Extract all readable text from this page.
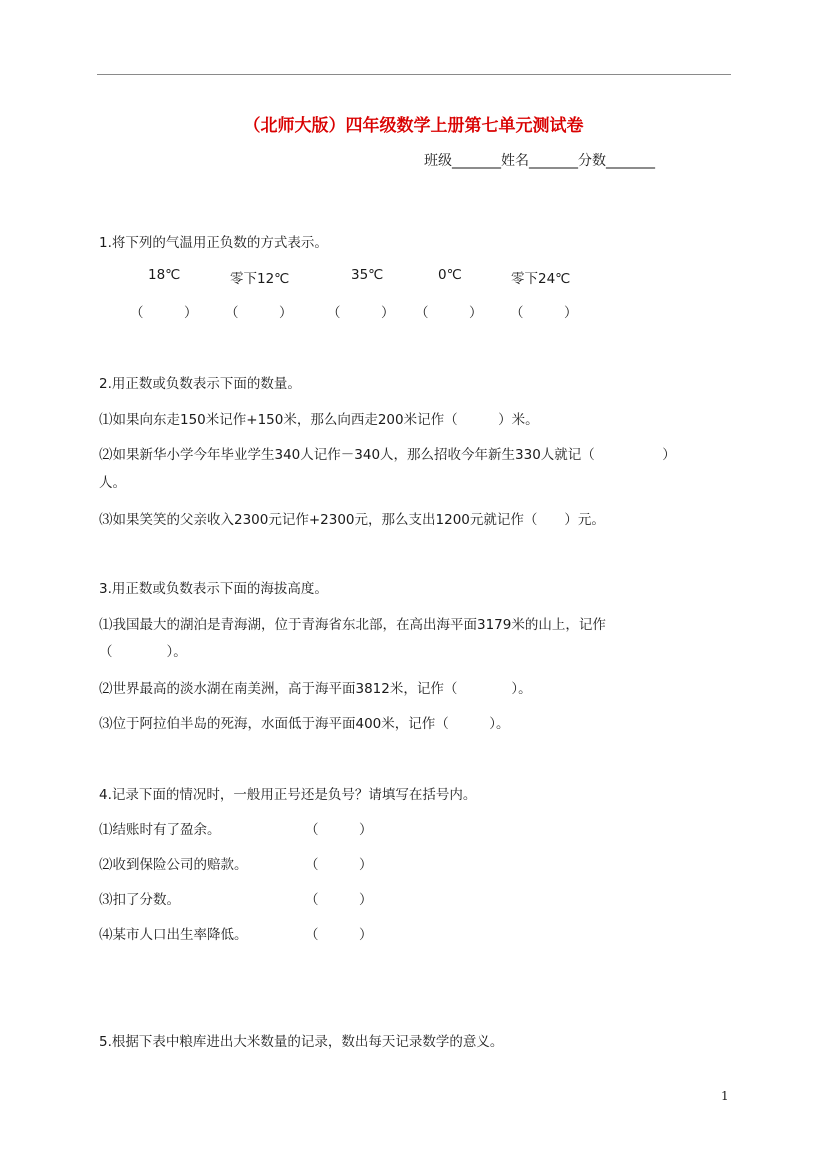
（北师大版）四年级数学上册第七单元测试卷
班级_______姓名_______分数_______
1.将下列的气温用正负数的方式表示。
18℃	零下12℃	35℃	0℃	零下24℃
（　　　） （　　　）	（　　　） （　　　） （　　　）
2.用正数或负数表示下面的数量。
⑴如果向东走150米记作+150米，那么向西走200米记作（　　　）米。
⑵如果新华小学今年毕业学生340人记作－340人，那么招收今年新生330人就记（　　　　　）
人。
⑶如果笑笑的父亲收入2300元记作+2300元，那么支出1200元就记作（　　）元。
3.用正数或负数表示下面的海拔高度。
⑴我国最大的湖泊是青海湖，位于青海省东北部，在高出海平面3179米的山上，记作
（　　　　）。
⑵世界最高的淡水湖在南美洲，高于海平面3812米，记作（　　　　）。
⑶位于阿拉伯半岛的死海，水面低于海平面400米，记作（　　　）。
4.记录下面的情况时，一般用正号还是负号？请填写在括号内。
⑴结账时有了盈余。	（　　　）
⑵收到保险公司的赔款。	（　　　）
⑶扣了分数。	（　　　）
⑷某市人口出生率降低。	（　　　）
5.根据下表中粮库进出大米数量的记录，数出每天记录数学的意义。
1
